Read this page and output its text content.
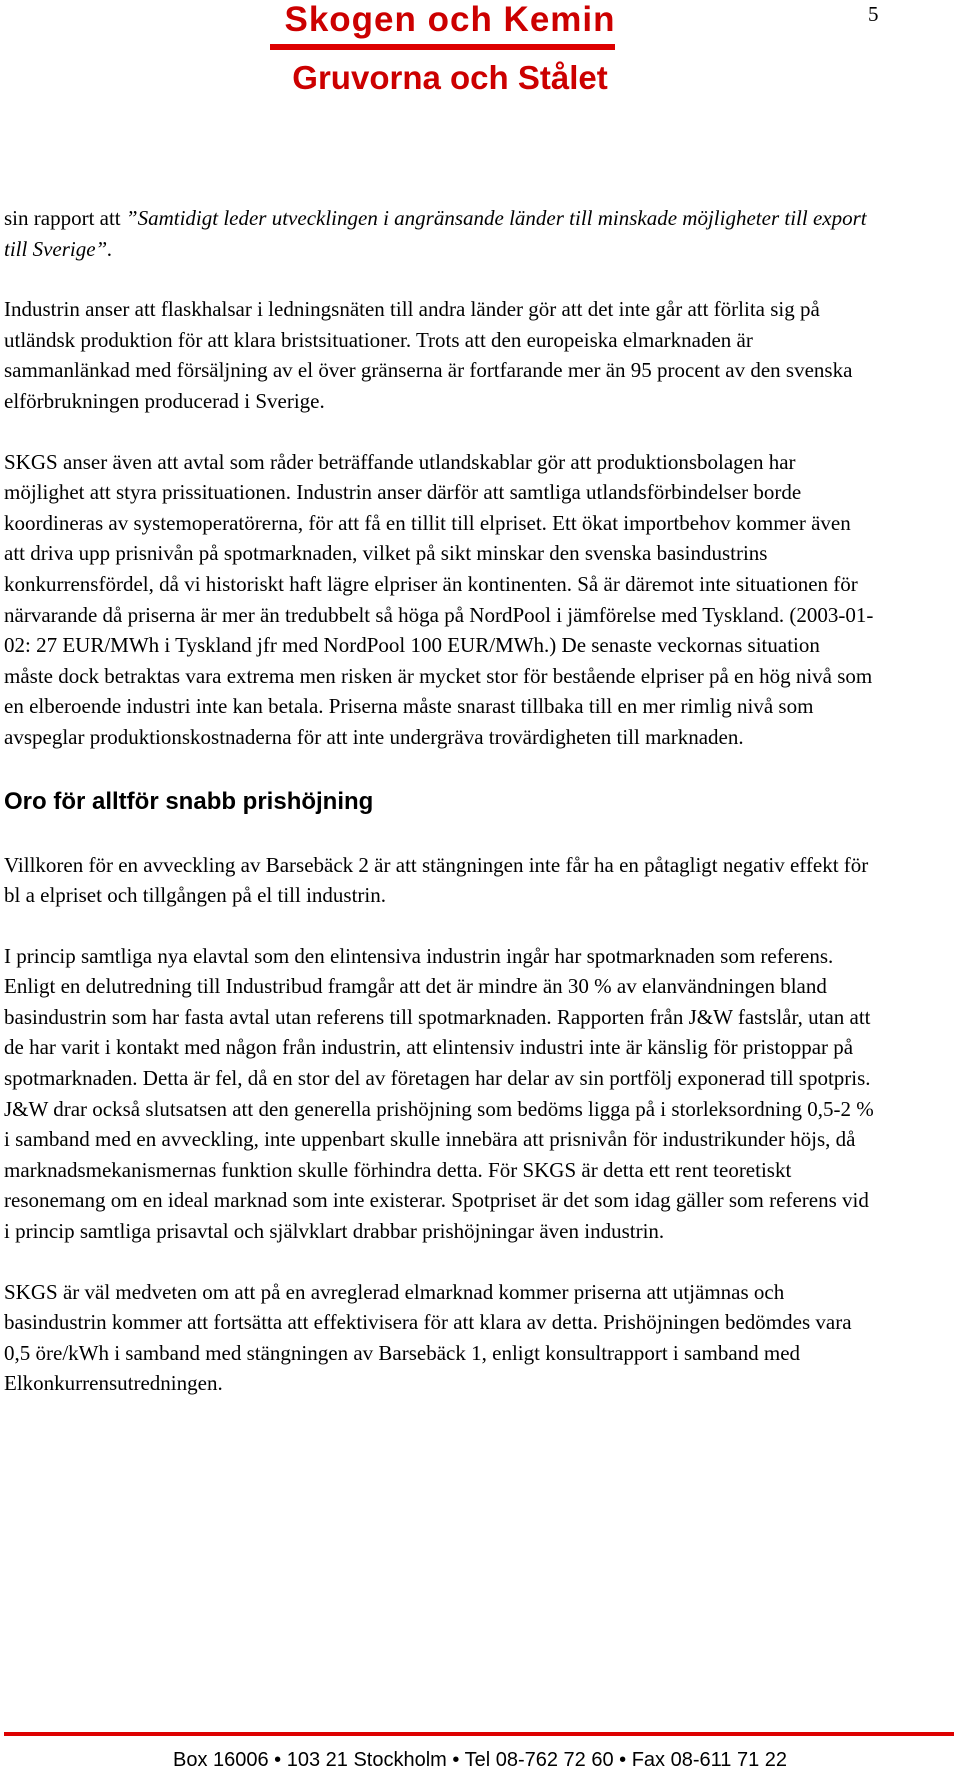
Skogen och Kemin
Gruvorna och Stålet
5

sin rapport att ”Samtidigt leder utvecklingen i angränsande länder till minskade möjligheter till export till Sverige”.

Industrin anser att flaskhalsar i ledningsnäten till andra länder gör att det inte går att förlita sig på utländsk produktion för att klara bristsituationer. Trots att den europeiska elmarknaden är sammanlänkad med försäljning av el över gränserna är fortfarande mer än 95 procent av den svenska elförbrukningen producerad i Sverige.

SKGS anser även att avtal som råder beträffande utlandskablar gör att produktionsbolagen har möjlighet att styra prissituationen. Industrin anser därför att samtliga utlandsförbindelser borde koordineras av systemoperatörerna, för att få en tillit till elpriset. Ett ökat importbehov kommer även att driva upp prisnivån på spotmarknaden, vilket på sikt minskar den svenska basindustrins konkurrensfördel, då vi historiskt haft lägre elpriser än kontinenten. Så är däremot inte situationen för närvarande då priserna är mer än tredubbelt så höga på NordPool i jämförelse med Tyskland. (2003-01-02: 27 EUR/MWh i Tyskland jfr med NordPool 100 EUR/MWh.) De senaste veckornas situation måste dock betraktas vara extrema men risken är mycket stor för bestående elpriser på en hög nivå som en elberoende industri inte kan betala. Priserna måste snarast tillbaka till en mer rimlig nivå som avspeglar produktionskostnaderna för att inte undergräva trovärdigheten till marknaden.

Oro för alltför snabb prishöjning

Villkoren för en avveckling av Barsebäck 2 är att stängningen inte får ha en påtagligt negativ effekt för bl a elpriset och tillgången på el till industrin.

I princip samtliga nya elavtal som den elintensiva industrin ingår har spotmarknaden som referens. Enligt en delutredning till Industribud framgår att det är mindre än 30 % av elanvändningen bland basindustrin som har fasta avtal utan referens till spotmarknaden. Rapporten från J&W fastslår, utan att de har varit i kontakt med någon från industrin, att elintensiv industri inte är känslig för pristoppar på spotmarknaden. Detta är fel, då en stor del av företagen har delar av sin portfölj exponerad till spotpris. J&W drar också slutsatsen att den generella prishöjning som bedöms ligga på i storleksordning 0,5-2 % i samband med en avveckling, inte uppenbart skulle innebära att prisnivån för industrikunder höjs, då marknadsmekanismernas funktion skulle förhindra detta. För SKGS är detta ett rent teoretiskt resonemang om en ideal marknad som inte existerar. Spotpriset är det som idag gäller som referens vid i princip samtliga prisavtal och självklart drabbar prishöjningar även industrin.

SKGS är väl medveten om att på en avreglerad elmarknad kommer priserna att utjämnas och basindustrin kommer att fortsätta att effektivisera för att klara av detta. Prishöjningen bedömdes vara 0,5 öre/kWh i samband med stängningen av Barsebäck 1, enligt konsultrapport i samband med Elkonkurrensutredningen.

Box 16006 • 103 21 Stockholm • Tel 08-762 72 60 • Fax 08-611 71 22
